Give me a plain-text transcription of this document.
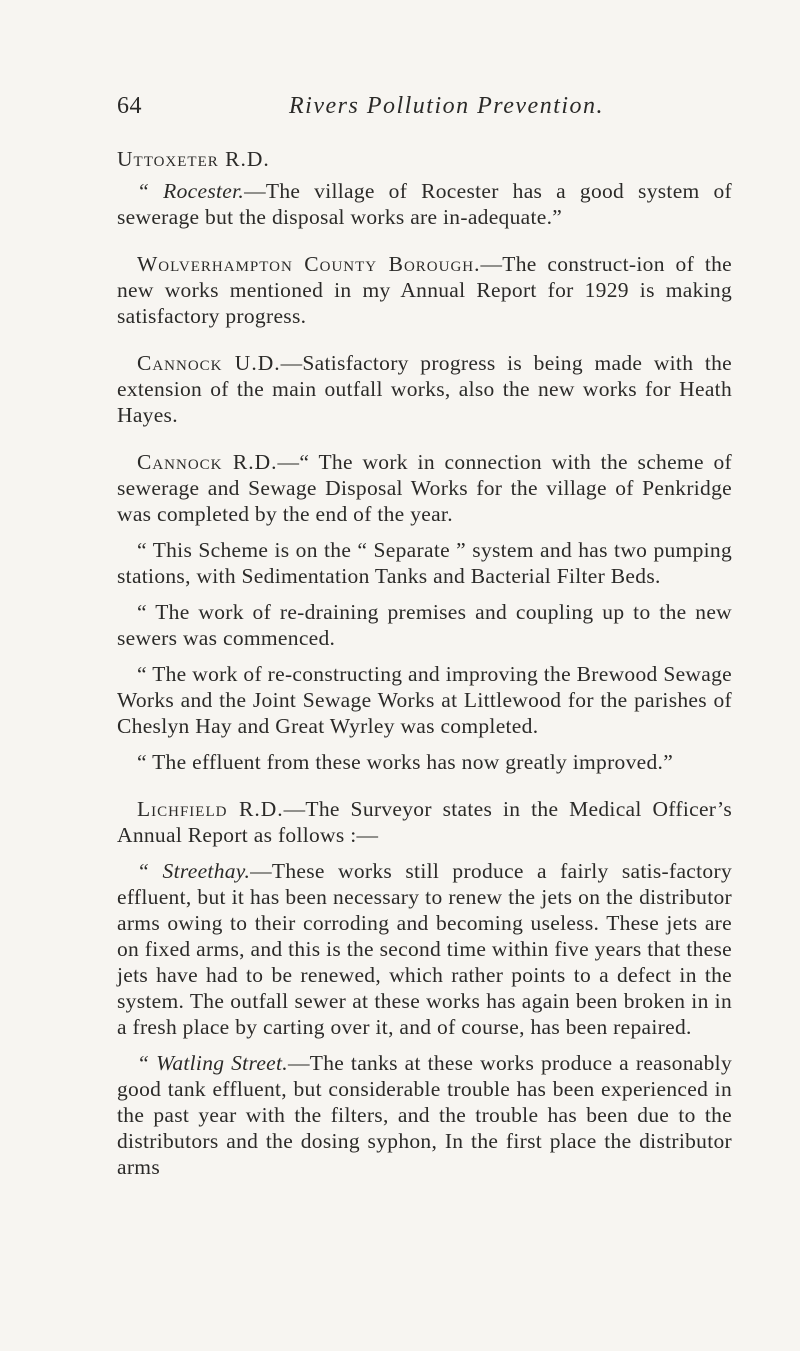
64	Rivers Pollution Prevention.

Uttoxeter R.D.

“ Rocester.—The village of Rocester has a good system of sewerage but the disposal works are in-adequate.”

Wolverhampton County Borough.—The construct-ion of the new works mentioned in my Annual Report for 1929 is making satisfactory progress.

Cannock U.D.—Satisfactory progress is being made with the extension of the main outfall works, also the new works for Heath Hayes.

Cannock R.D.—“ The work in connection with the scheme of sewerage and Sewage Disposal Works for the village of Penkridge was completed by the end of the year.

“ This Scheme is on the “ Separate ” system and has two pumping stations, with Sedimentation Tanks and Bacterial Filter Beds.

“ The work of re-draining premises and coupling up to the new sewers was commenced.

“ The work of re-constructing and improving the Brewood Sewage Works and the Joint Sewage Works at Littlewood for the parishes of Cheslyn Hay and Great Wyrley was completed.

“ The effluent from these works has now greatly improved.”

Lichfield R.D.—The Surveyor states in the Medical Officer’s Annual Report as follows :—

“ Streethay.—These works still produce a fairly satis-factory effluent, but it has been necessary to renew the jets on the distributor arms owing to their corroding and becoming useless. These jets are on fixed arms, and this is the second time within five years that these jets have had to be renewed, which rather points to a defect in the system. The outfall sewer at these works has again been broken in in a fresh place by carting over it, and of course, has been repaired.

“ Watling Street.—The tanks at these works produce a reasonably good tank effluent, but considerable trouble has been experienced in the past year with the filters, and the trouble has been due to the distributors and the dosing syphon, In the first place the distributor arms
